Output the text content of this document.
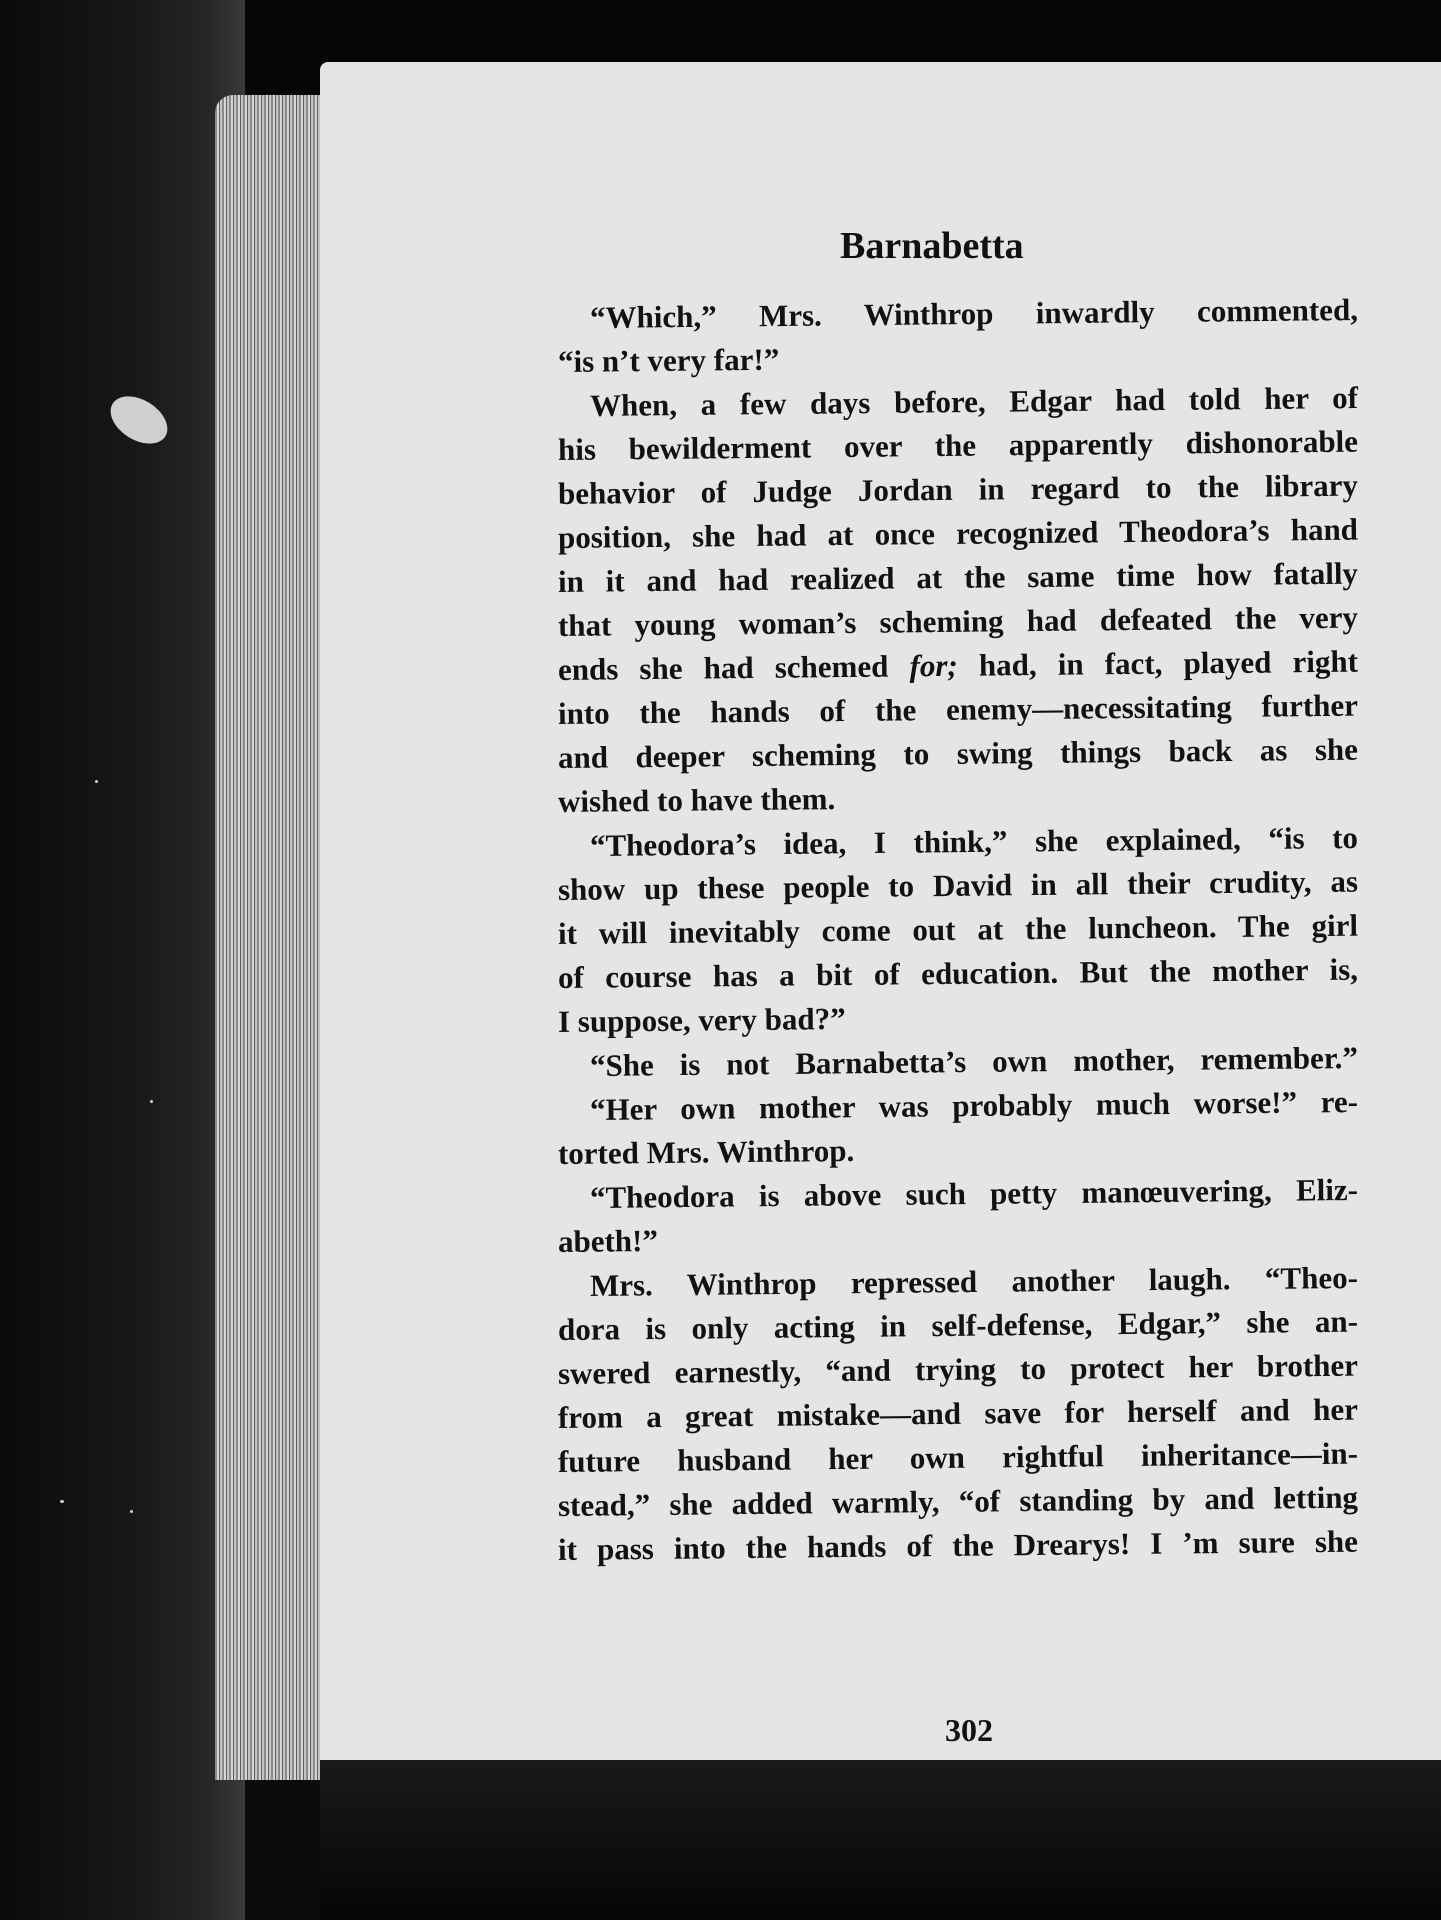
Barnabetta
“Which,” Mrs. Winthrop inwardly commented,
“is n’t very far!”
When, a few days before, Edgar had told her of
his bewilderment over the apparently dishonorable
behavior of Judge Jordan in regard to the library
position, she had at once recognized Theodora’s hand
in it and had realized at the same time how fatally
that young woman’s scheming had defeated the very
ends she had schemed for; had, in fact, played right
into the hands of the enemy—necessitating further
and deeper scheming to swing things back as she
wished to have them.
“Theodora’s idea, I think,” she explained, “is to
show up these people to David in all their crudity, as
it will inevitably come out at the luncheon. The girl
of course has a bit of education. But the mother is,
I suppose, very bad?”
“She is not Barnabetta’s own mother, remember.”
“Her own mother was probably much worse!” re-
torted Mrs. Winthrop.
“Theodora is above such petty manœuvering, Eliz-
abeth!”
Mrs. Winthrop repressed another laugh. “Theo-
dora is only acting in self-defense, Edgar,” she an-
swered earnestly, “and trying to protect her brother
from a great mistake—and save for herself and her
future husband her own rightful inheritance—in-
stead,” she added warmly, “of standing by and letting
it pass into the hands of the Drearys! I ’m sure she
302
